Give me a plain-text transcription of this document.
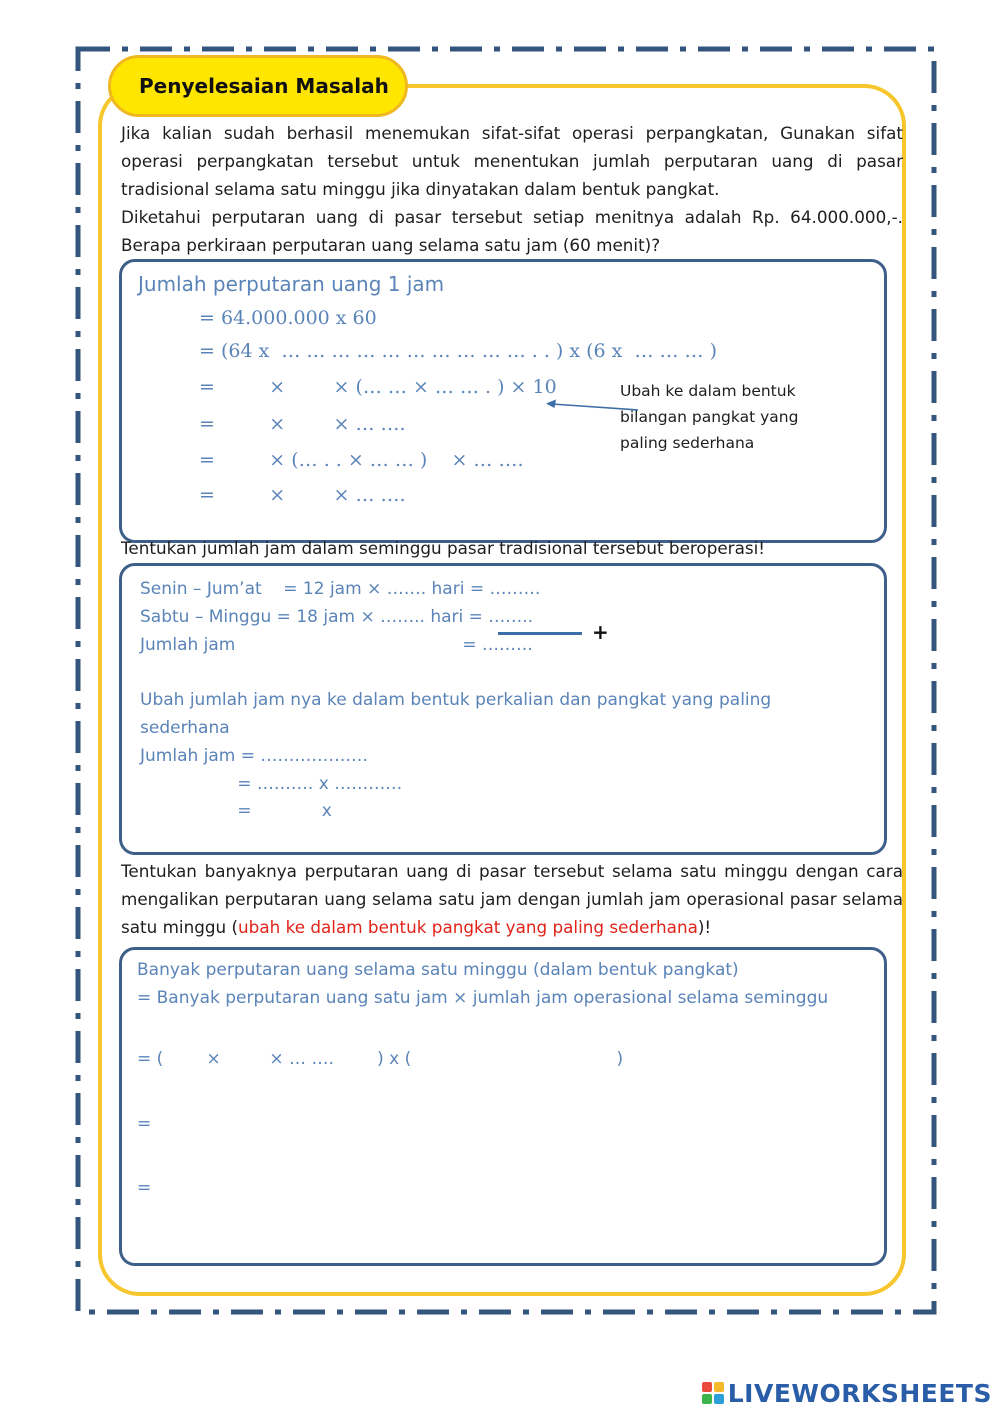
Penyelesaian Masalah
Jika kalian sudah berhasil menemukan sifat-sifat operasi perpangkatan, Gunakan sifat operasi perpangkatan tersebut untuk menentukan jumlah perputaran uang di pasar tradisional selama satu minggu jika dinyatakan dalam bentuk pangkat.
Diketahui perputaran uang di pasar tersebut setiap menitnya adalah Rp. 64.000.000,-. Berapa perkiraan perputaran uang selama satu jam (60 menit)?
Jumlah perputaran uang 1 jam
= 64.000.000 x 60
= (64 x  … … … … … … … … … … . . ) x (6 x  … … … )
=         ×        × (… … × … … . ) × 10
=         ×        × … ….
=         × (… . . × … … )    × … ….
=         ×        × … ….
Ubah ke dalam bentuk
bilangan pangkat yang
paling sederhana
Tentukan jumlah jam dalam seminggu pasar tradisional tersebut beroperasi!
Senin – Jum’at    = 12 jam × ……. hari = ………
Sabtu – Minggu = 18 jam × …….. hari = ……..
Jumlah jam                                          = ………
Ubah jumlah jam nya ke dalam bentuk perkalian dan pangkat yang paling
sederhana
Jumlah jam = ……………….
= ………. x …………
=             x
+
Tentukan banyaknya perputaran uang di pasar tersebut selama satu minggu dengan cara mengalikan perputaran uang selama satu jam dengan jumlah jam operasional pasar selama satu minggu (ubah ke dalam bentuk pangkat yang paling sederhana)!
Banyak perputaran uang selama satu minggu (dalam bentuk pangkat)
= Banyak perputaran uang satu jam × jumlah jam operasional selama seminggu
= (        ×         × … ….        ) x (                                      )
=
=
LIVEWORKSHEETS
